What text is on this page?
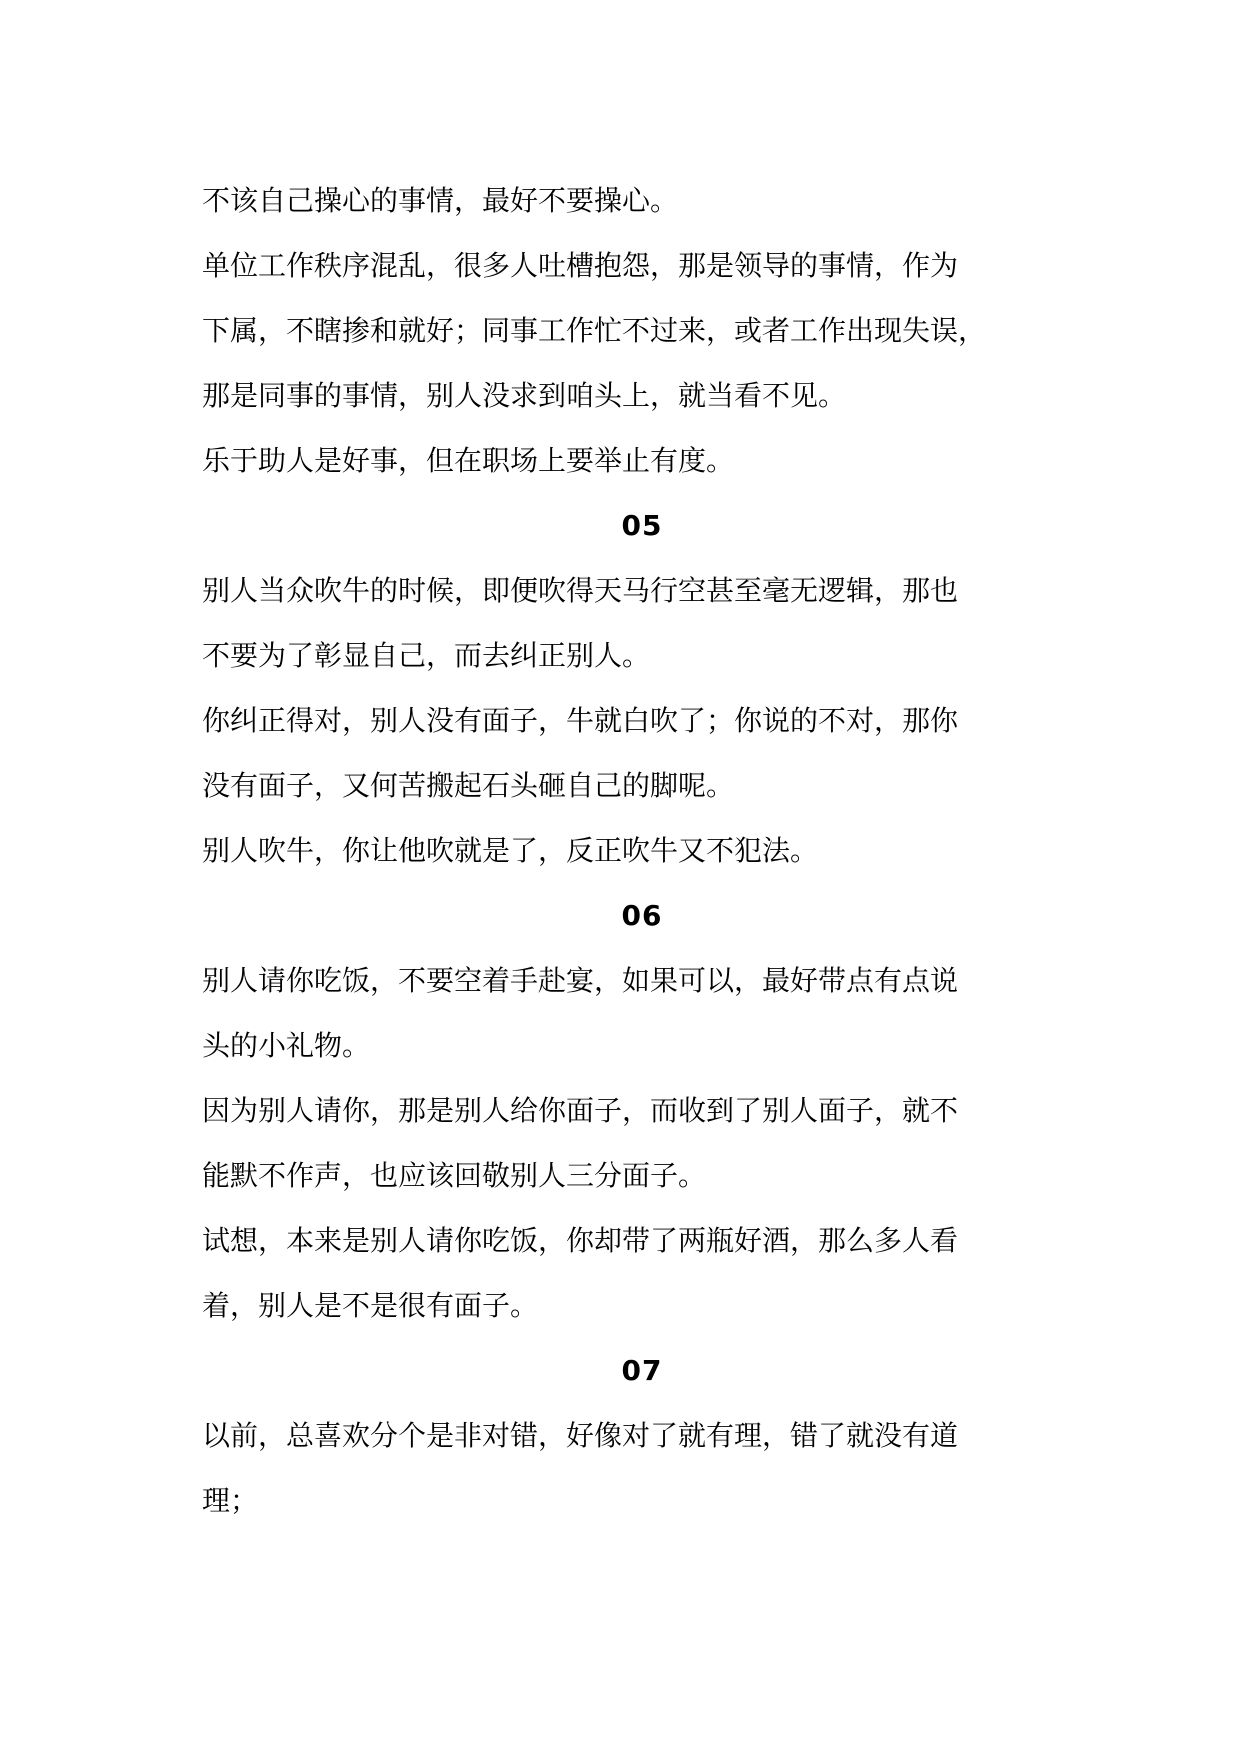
不该自己操心的事情，最好不要操心。
单位工作秩序混乱，很多人吐槽抱怨，那是领导的事情，作为
下属，不瞎掺和就好；同事工作忙不过来，或者工作出现失误，
那是同事的事情，别人没求到咱头上，就当看不见。
乐于助人是好事，但在职场上要举止有度。
05
别人当众吹牛的时候，即便吹得天马行空甚至毫无逻辑，那也
不要为了彰显自己，而去纠正别人。
你纠正得对，别人没有面子，牛就白吹了；你说的不对，那你
没有面子，又何苦搬起石头砸自己的脚呢。
别人吹牛，你让他吹就是了，反正吹牛又不犯法。
06
别人请你吃饭，不要空着手赴宴，如果可以，最好带点有点说
头的小礼物。
因为别人请你，那是别人给你面子，而收到了别人面子，就不
能默不作声，也应该回敬别人三分面子。
试想，本来是别人请你吃饭，你却带了两瓶好酒，那么多人看
着，别人是不是很有面子。
07
以前，总喜欢分个是非对错，好像对了就有理，错了就没有道
理；
